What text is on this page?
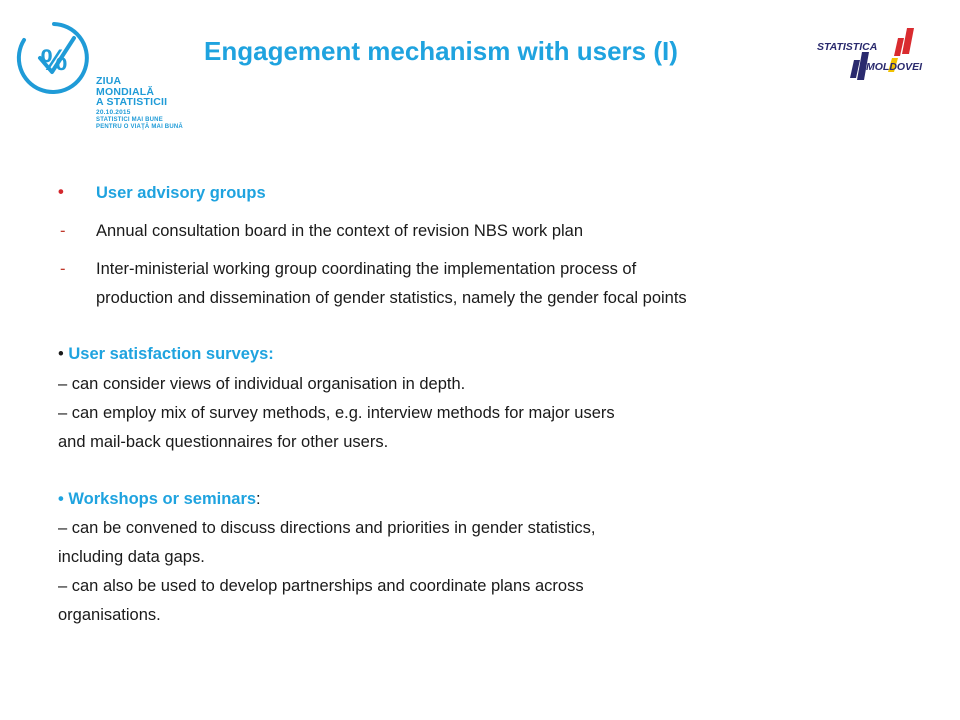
%
ZIUA
MONDIALĂ
A STATISTICII
20.10.2015
STATISTICI MAI BUNE
PENTRU O VIAŢĂ MAI BUNĂ
Engagement mechanism with users (I)	STATISTICA
MOLDOVEI
• User advisory groups
- Annual consultation board in the context of revision NBS work plan
- Inter-ministerial working group coordinating the implementation process of
production and dissemination of gender statistics, namely the gender focal points
• User satisfaction surveys:
– can consider views of individual organisation in depth.
– can employ mix of survey methods, e.g. interview methods for major users
and mail-back questionnaires for other users.
• Workshops or seminars:
– can be convened to discuss directions and priorities in gender statistics,
including data gaps.
– can also be used to develop partnerships and coordinate plans across
organisations.
